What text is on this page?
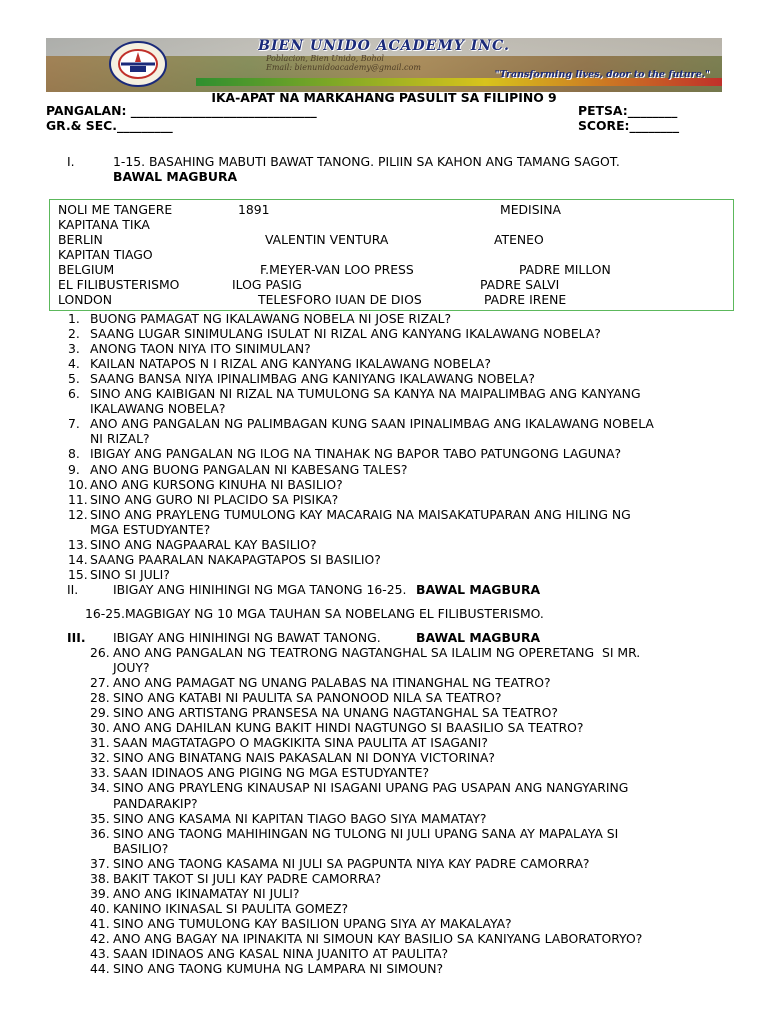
BIEN UNIDO ACADEMY INC.
Poblacion, Bien Unido, Bohol
Email: bienunidoacademy@gmail.com
"Transforming lives, door to the future."
IKA-APAT NA MARKAHANG PASULIT SA FILIPINO 9
PANGALAN: ______________________________	PETSA:________
GR.& SEC._________	SCORE:________
I.	1-15. BASAHING MABUTI BAWAT TANONG. PILIIN SA KAHON ANG TAMANG SAGOT.
BAWAL MAGBURA
NOLI ME TANGERE	1891	MEDISINA
KAPITANA TIKA
BERLIN	VALENTIN VENTURA	ATENEO
KAPITAN TIAGO
BELGIUM	F.MEYER-VAN LOO PRESS	PADRE MILLON
EL FILIBUSTERISMO	ILOG PASIG	PADRE SALVI
LONDON	TELESFORO IUAN DE DIOS	PADRE IRENE
1. BUONG PAMAGAT NG IKALAWANG NOBELA NI JOSE RIZAL?
2. SAANG LUGAR SINIMULANG ISULAT NI RIZAL ANG KANYANG IKALAWANG NOBELA?
3. ANONG TAON NIYA ITO SINIMULAN?
4. KAILAN NATAPOS N I RIZAL ANG KANYANG IKALAWANG NOBELA?
5. SAANG BANSA NIYA IPINALIMBAG ANG KANIYANG IKALAWANG NOBELA?
6. SINO ANG KAIBIGAN NI RIZAL NA TUMULONG SA KANYA NA MAIPALIMBAG ANG KANYANG
IKALAWANG NOBELA?
7. ANO ANG PANGALAN NG PALIMBAGAN KUNG SAAN IPINALIMBAG ANG IKALAWANG NOBELA
NI RIZAL?
8. IBIGAY ANG PANGALAN NG ILOG NA TINAHAK NG BAPOR TABO PATUNGONG LAGUNA?
9. ANO ANG BUONG PANGALAN NI KABESANG TALES?
10. ANO ANG KURSONG KINUHA NI BASILIO?
11. SINO ANG GURO NI PLACIDO SA PISIKA?
12. SINO ANG PRAYLENG TUMULONG KAY MACARAIG NA MAISAKATUPARAN ANG HILING NG
MGA ESTUDYANTE?
13. SINO ANG NAGPAARAL KAY BASILIO?
14. SAANG PAARALAN NAKAPAGTAPOS SI BASILIO?
15. SINO SI JULI?
II.	IBIGAY ANG HINIHINGI NG MGA TANONG 16-25. BAWAL MAGBURA
16-25.MAGBIGAY NG 10 MGA TAUHAN SA NOBELANG EL FILIBUSTERISMO.
III. IBIGAY ANG HINIHINGI NG BAWAT TANONG.	BAWAL MAGBURA
26. ANO ANG PANGALAN NG TEATRONG NAGTANGHAL SA ILALIM NG OPERETANG  SI MR.
JOUY?
27. ANO ANG PAMAGAT NG UNANG PALABAS NA ITINANGHAL NG TEATRO?
28. SINO ANG KATABI NI PAULITA SA PANONOOD NILA SA TEATRO?
29. SINO ANG ARTISTANG PRANSESA NA UNANG NAGTANGHAL SA TEATRO?
30. ANO ANG DAHILAN KUNG BAKIT HINDI NAGTUNGO SI BAASILIO SA TEATRO?
31. SAAN MAGTATAGPO O MAGKIKITA SINA PAULITA AT ISAGANI?
32. SINO ANG BINATANG NAIS PAKASALAN NI DONYA VICTORINA?
33. SAAN IDINAOS ANG PIGING NG MGA ESTUDYANTE?
34. SINO ANG PRAYLENG KINAUSAP NI ISAGANI UPANG PAG USAPAN ANG NANGYARING
PANDARAKIP?
35. SINO ANG KASAMA NI KAPITAN TIAGO BAGO SIYA MAMATAY?
36. SINO ANG TAONG MAHIHINGAN NG TULONG NI JULI UPANG SANA AY MAPALAYA SI
BASILIO?
37. SINO ANG TAONG KASAMA NI JULI SA PAGPUNTA NIYA KAY PADRE CAMORRA?
38. BAKIT TAKOT SI JULI KAY PADRE CAMORRA?
39. ANO ANG IKINAMATAY NI JULI?
40. KANINO IKINASAL SI PAULITA GOMEZ?
41. SINO ANG TUMULONG KAY BASILION UPANG SIYA AY MAKALAYA?
42. ANO ANG BAGAY NA IPINAKITA NI SIMOUN KAY BASILIO SA KANIYANG LABORATORYO?
43. SAAN IDINAOS ANG KASAL NINA JUANITO AT PAULITA?
44. SINO ANG TAONG KUMUHA NG LAMPARA NI SIMOUN?
